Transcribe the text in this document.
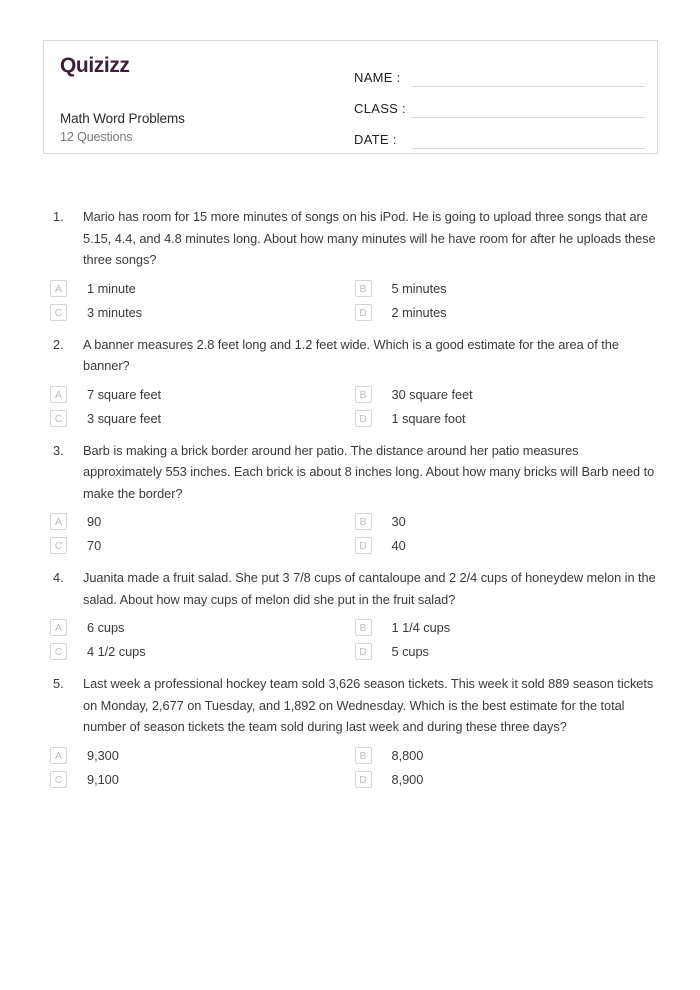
Quizizz
Math Word Problems
12 Questions
NAME :
CLASS :
DATE :
1.	Mario has room for 15 more minutes of songs on his iPod. He is going to upload three songs that are 5.15, 4.4, and 4.8 minutes long. About how many minutes will he have room for after he uploads these three songs?
A	1 minute	B	5 minutes
C	3 minutes	D	2 minutes
2.	A banner measures 2.8 feet long and 1.2 feet wide. Which is a good estimate for the area of the banner?
A	7 square feet	B	30 square feet
C	3 square feet	D	1 square foot
3.	Barb is making a brick border around her patio. The distance around her patio measures approximately 553 inches. Each brick is about 8 inches long. About how many bricks will Barb need to make the border?
A	90	B	30
C	70	D	40
4.	Juanita made a fruit salad. She put 3 7/8 cups of cantaloupe and 2 2/4 cups of honeydew melon in the salad. About how may cups of melon did she put in the fruit salad?
A	6 cups	B	1 1/4 cups
C	4 1/2 cups	D	5 cups
5.	Last week a professional hockey team sold 3,626 season tickets. This week it sold 889 season tickets on Monday, 2,677 on Tuesday, and 1,892 on Wednesday. Which is the best estimate for the total number of season tickets the team sold during last week and during these three days?
A	9,300	B	8,800
C	9,100	D	8,900
